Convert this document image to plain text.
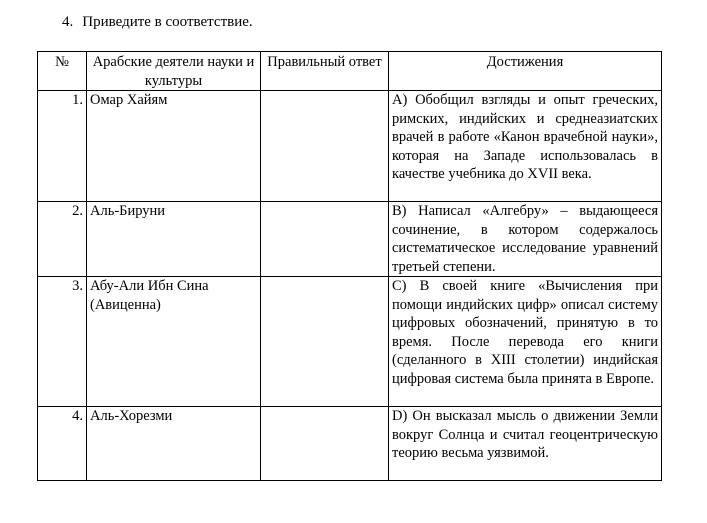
4. Приведите в соответствие.
№	Арабские деятели науки и культуры	Правильный ответ	Достижения
1.	Омар Хайям		А) Обобщил взгляды и опыт греческих, римских, индийских и среднеазиатских врачей в работе «Канон врачебной науки», которая на Западе использовалась в качестве учебника до XVII века.
2.	Аль-Бируни		В) Написал «Алгебру» – выдающееся сочинение, в котором содержалось систематическое исследование уравнений третьей степени.
3.	Абу-Али Ибн Сина (Авиценна)		С) В своей книге «Вычисления при помощи индийских цифр» описал систему цифровых обозначений, принятую в то время. После перевода его книги (сделанного в XIII столетии) индийская цифровая система была принята в Европе.
4.	Аль-Хорезми		D) Он высказал мысль о движении Земли вокруг Солнца и считал геоцентрическую теорию весьма уязвимой.
